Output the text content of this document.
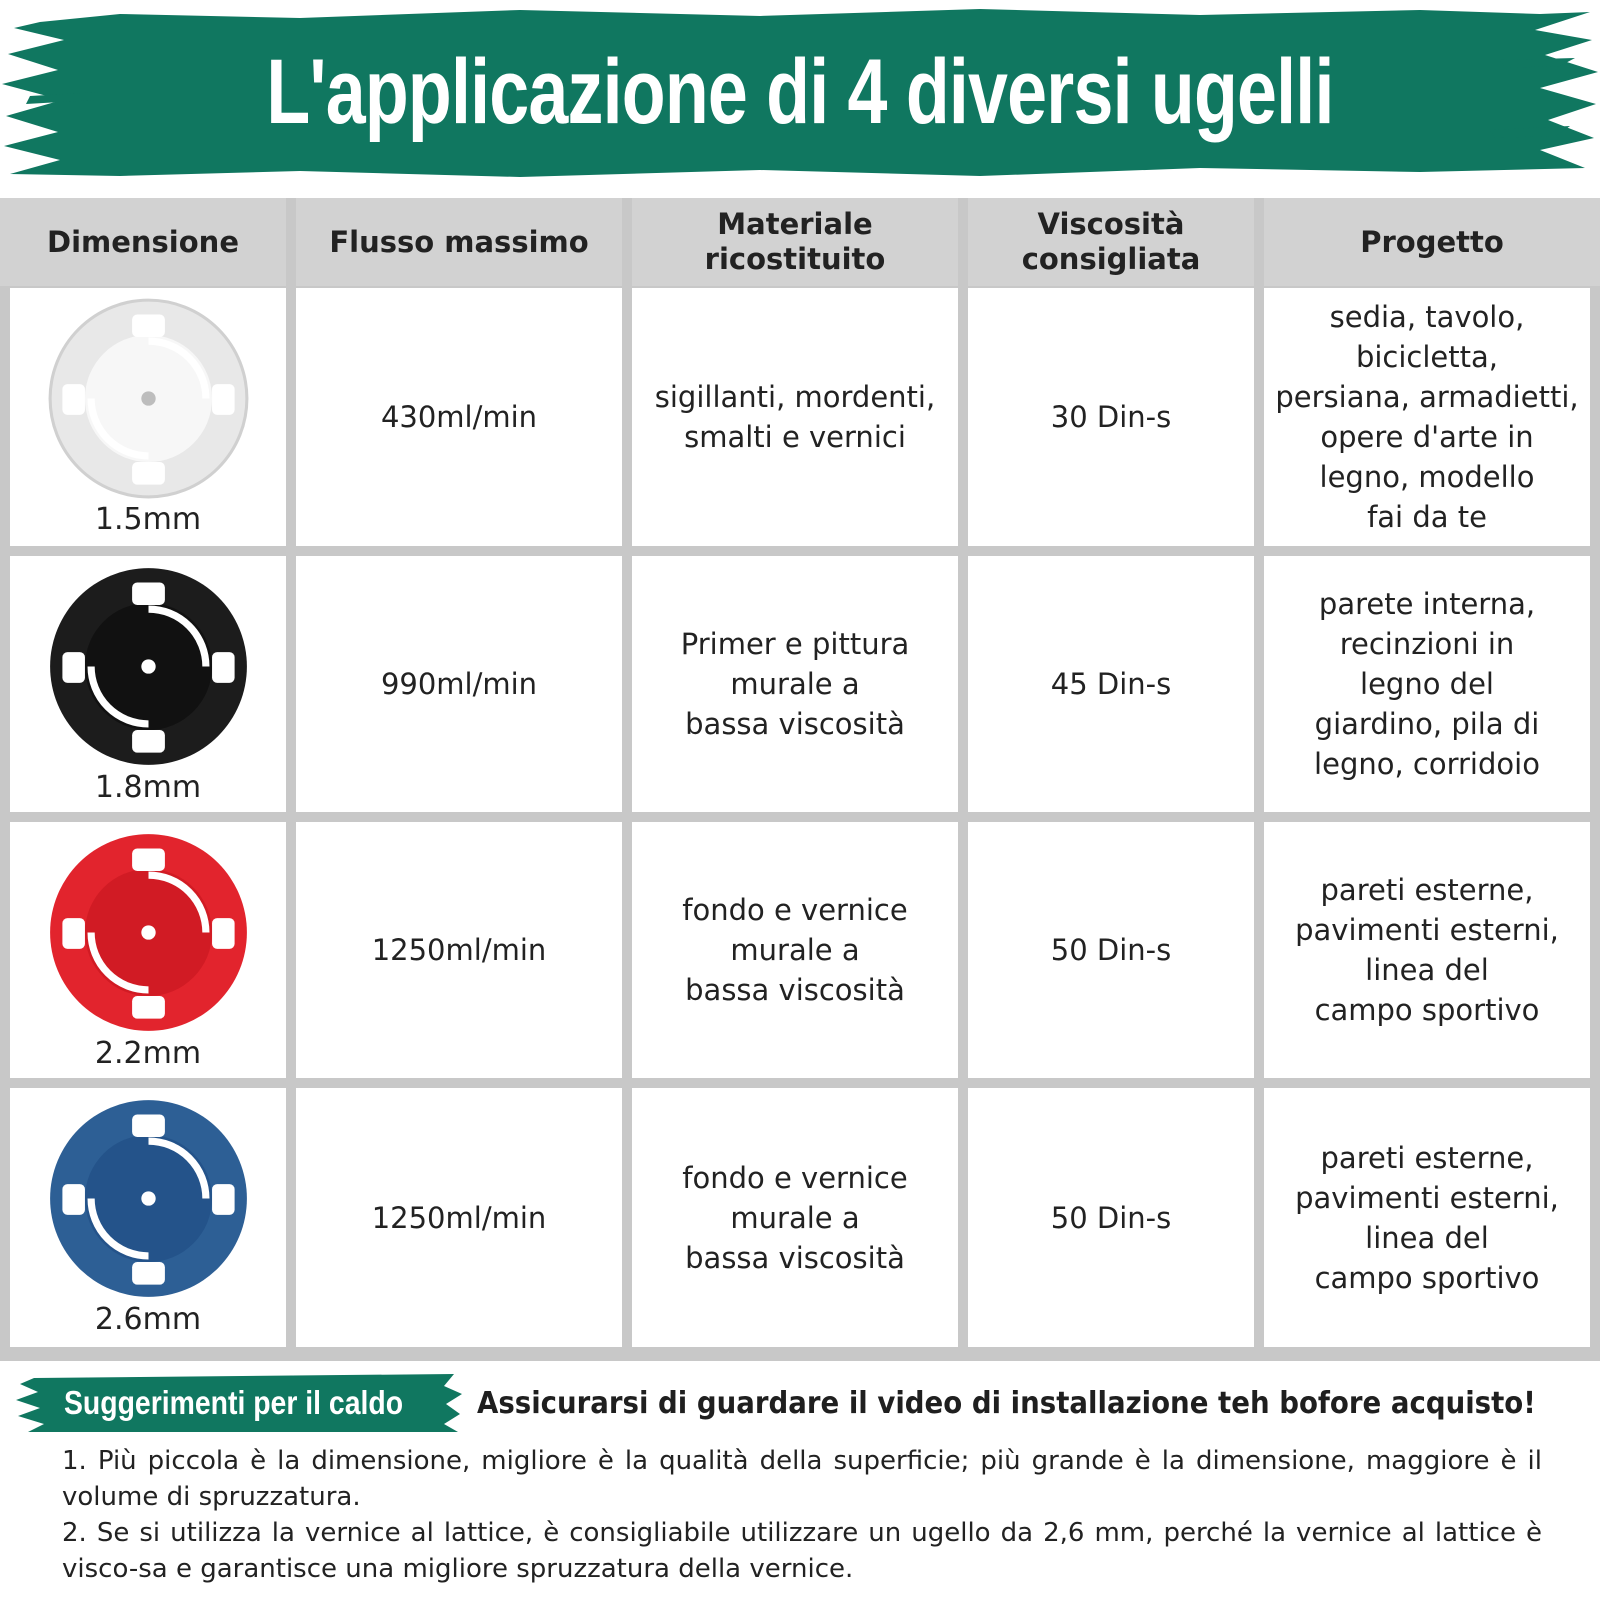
L'applicazione di 4 diversi ugelli
Dimensione	Flusso massimo
Materiale
ricostituito
Viscosità
consigliata
Progetto
1.5mm
430ml/min
sigillanti, mordenti,
smalti e vernici
30 Din-s
sedia, tavolo,
bicicletta,
persiana, armadietti,
opere d'arte in
legno, modello
fai da te
1.8mm
990ml/min
Primer e pittura
murale a
bassa viscosità
45 Din-s
parete interna,
recinzioni in
legno del
giardino, pila di
legno, corridoio
2.2mm
1250ml/min
fondo e vernice
murale a
bassa viscosità
50 Din-s
pareti esterne,
pavimenti esterni,
linea del
campo sportivo
2.6mm
1250ml/min
fondo e vernice
murale a
bassa viscosità
50 Din-s
pareti esterne,
pavimenti esterni,
linea del
campo sportivo
Suggerimenti per il caldo Assicurarsi di guardare il video di installazione teh bofore acquisto!

1. Più piccola è la dimensione, migliore è la qualità della superficie; più grande è la dimensione, maggiore è il volume di spruzzatura.

2. Se si utilizza la vernice al lattice, è consigliabile utilizzare un ugello da 2,6 mm, perché la vernice al lattice è visco-sa e garantisce una migliore spruzzatura della vernice.
